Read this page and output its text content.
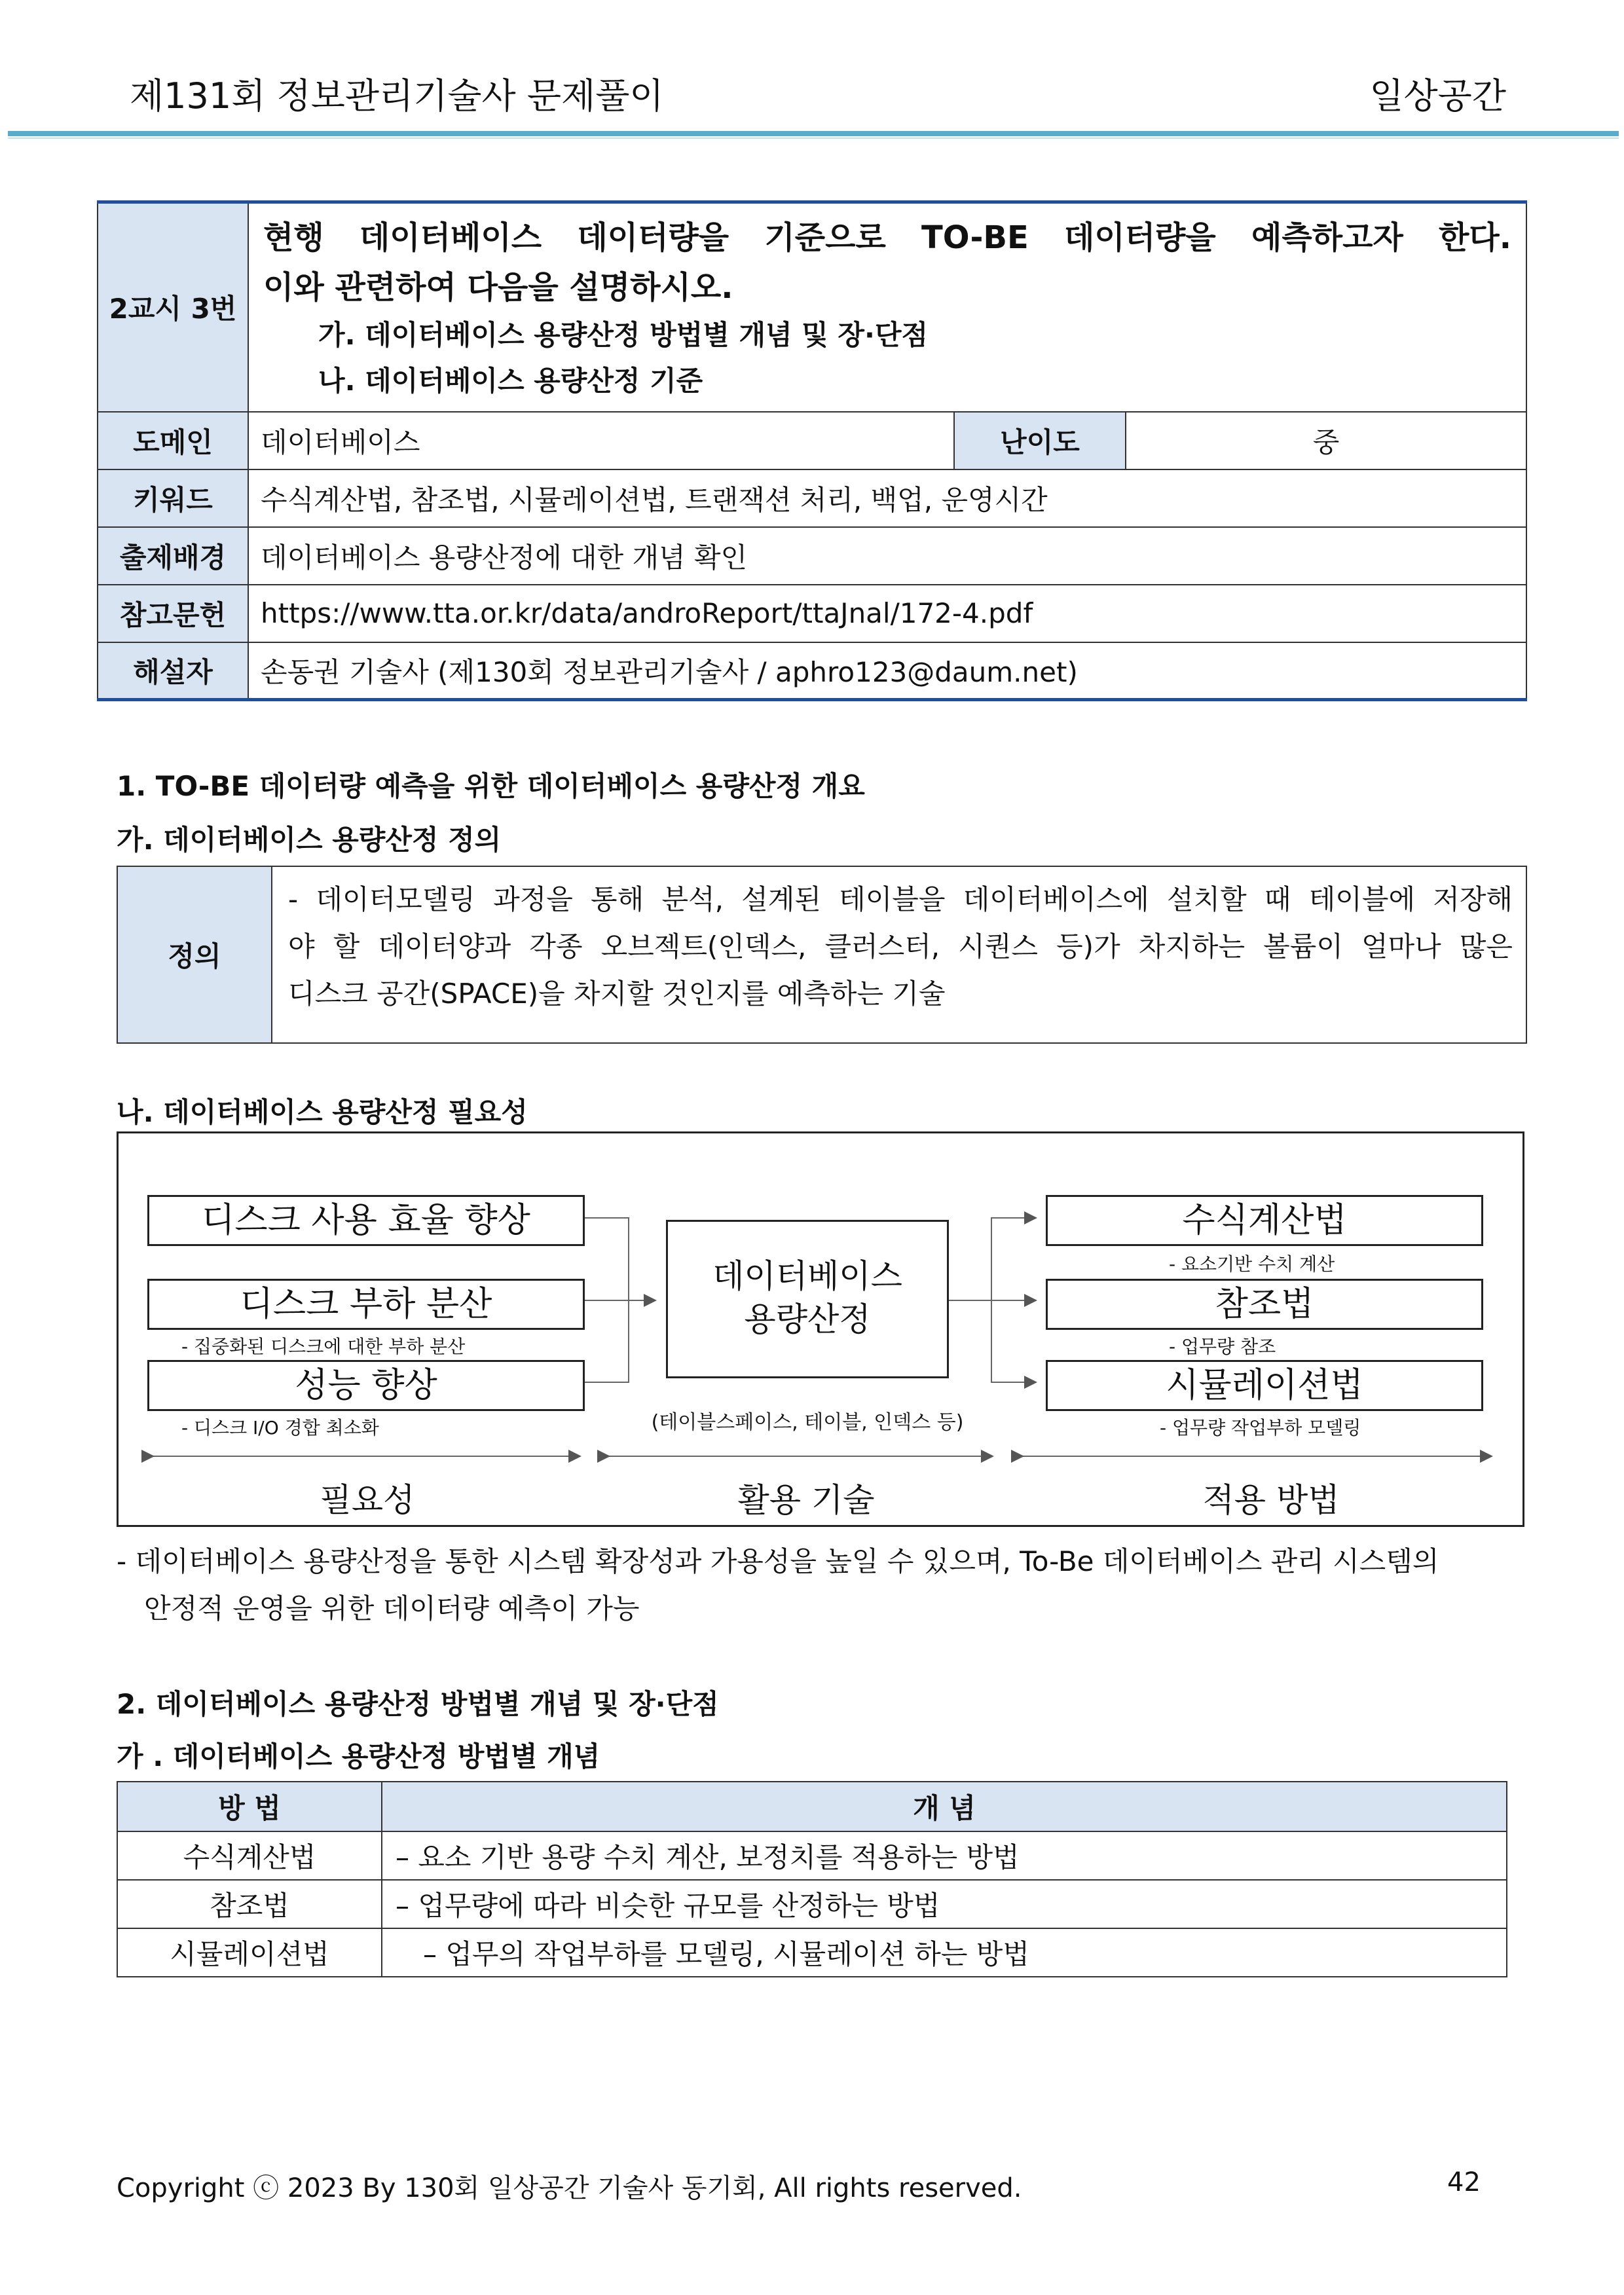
제131회 정보관리기술사 문제풀이	일상공간
2교시 3번	현행 데이터베이스 데이터량을 기준으로 TO-BE 데이터량을 예측하고자 한다.
이와 관련하여 다음을 설명하시오.
가. 데이터베이스 용량산정 방법별 개념 및 장·단점
나. 데이터베이스 용량산정 기준		

도메인	데이터베이스	난이도	중
키워드	수식계산법, 참조법, 시뮬레이션법, 트랜잭션 처리, 백업, 운영시간		
출제배경	데이터베이스 용량산정에 대한 개념 확인		
참고문헌	https://www.tta.or.kr/data/androReport/ttaJnal/172-4.pdf		
해설자	손동권 기술사 (제130회 정보관리기술사 / aphro123@daum.net)		
1. TO-BE 데이터량 예측을 위한 데이터베이스 용량산정 개요
가. 데이터베이스 용량산정 정의
정의	
- 데이터모델링 과정을 통해 분석, 설계된 테이블을 데이터베이스에 설치할 때 테이블에 저장해
야 할 데이터양과 각종 오브젝트(인덱스, 클러스터, 시퀀스 등)가 차지하는 볼륨이 얼마나 많은
디스크 공간(SPACE)을 차지할 것인지를 예측하는 기술
나. 데이터베이스 용량산정 필요성
디스크 사용 효율 향상
디스크 부하 분산
- 집중화된 디스크에 대한 부하 분산
성능 향상
- 디스크 I/O 경합 최소화
데이터베이스
용량산정
(테이블스페이스, 테이블, 인덱스 등)
수식계산법
- 요소기반 수치 계산
참조법
- 업무량 참조
시뮬레이션법
- 업무량 작업부하 모델링
필요성	활용 기술	적용 방법
- 데이터베이스 용량산정을 통한 시스템 확장성과 가용성을 높일 수 있으며, To-Be 데이터베이스 관리 시스템의
안정적 운영을 위한 데이터량 예측이 가능
2. 데이터베이스 용량산정 방법별 개념 및 장·단점
가 . 데이터베이스 용량산정 방법별 개념
방 법	개 념
수식계산법	– 요소 기반 용량 수치 계산, 보정치를 적용하는 방법
참조법	– 업무량에 따라 비슷한 규모를 산정하는 방법
시뮬레이션법	– 업무의 작업부하를 모델링, 시뮬레이션 하는 방법
Copyright ⓒ 2023 By 130회 일상공간 기술사 동기회, All rights reserved.	42
